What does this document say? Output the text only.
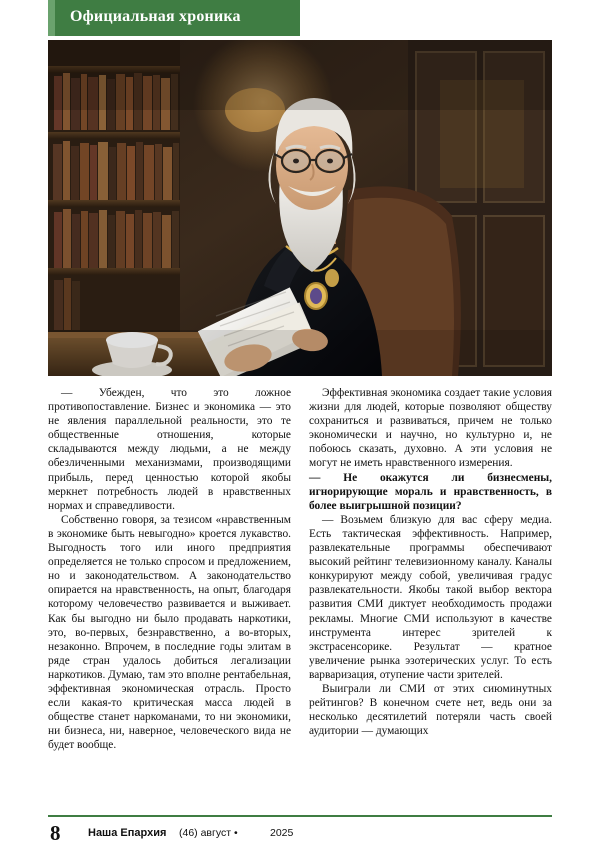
Официальная хроника

— Убежден, что это ложное противопоставление. Бизнес и экономика — это не явления параллельной реальности, это те общественные отношения, которые складываются между людьми, а не между обезличенными механизмами, производящими прибыль, перед ценностью которой якобы меркнет потребность людей в нравственных нормах и справедливости.

Собственно говоря, за тезисом «нравственным в экономике быть невыгодно» кроется лукавство. Выгодность того или иного предприятия определяется не только спросом и предложением, но и законодательством. А законодательство опирается на нравственность, на опыт, благодаря которому человечество развивается и выживает. Как бы выгодно ни было продавать наркотики, это, во-первых, безнравственно, а во-вторых, незаконно. Впрочем, в последние годы элитам в ряде стран удалось добиться легализации наркотиков. Думаю, там это вполне рентабельная, эффективная экономическая отрасль. Просто если какая-то критическая масса людей в обществе станет наркоманами, то ни экономики, ни бизнеса, ни, наверное, человеческого вида не будет вообще.

Эффективная экономика создает такие условия жизни для людей, которые позволяют обществу сохраниться и развиваться, причем не только экономически и научно, но культурно и, не побоюсь сказать, духовно. А эти условия не могут не иметь нравственного измерения.

— Не окажутся ли бизнесмены, игнорирующие мораль и нравственность, в более выигрышной позиции?

— Возьмем близкую для вас сферу медиа. Есть тактическая эффективность. Например, развлекательные программы обеспечивают высокий рейтинг телевизионному каналу. Каналы конкурируют между собой, увеличивая градус развлекательности. Якобы такой выбор вектора развития СМИ диктует необходимость продажи рекламы. Многие СМИ используют в качестве инструмента интерес зрителей к экстрасенсорике. Результат — кратное увеличение рынка эзотерических услуг. То есть варваризация, отупение части зрителей.

Выиграли ли СМИ от этих сиюминутных рейтингов? В конечном счете нет, ведь они за несколько десятилетий потеряли часть своей аудитории — думающих

8	Наша Епархия (46) август •	2025
